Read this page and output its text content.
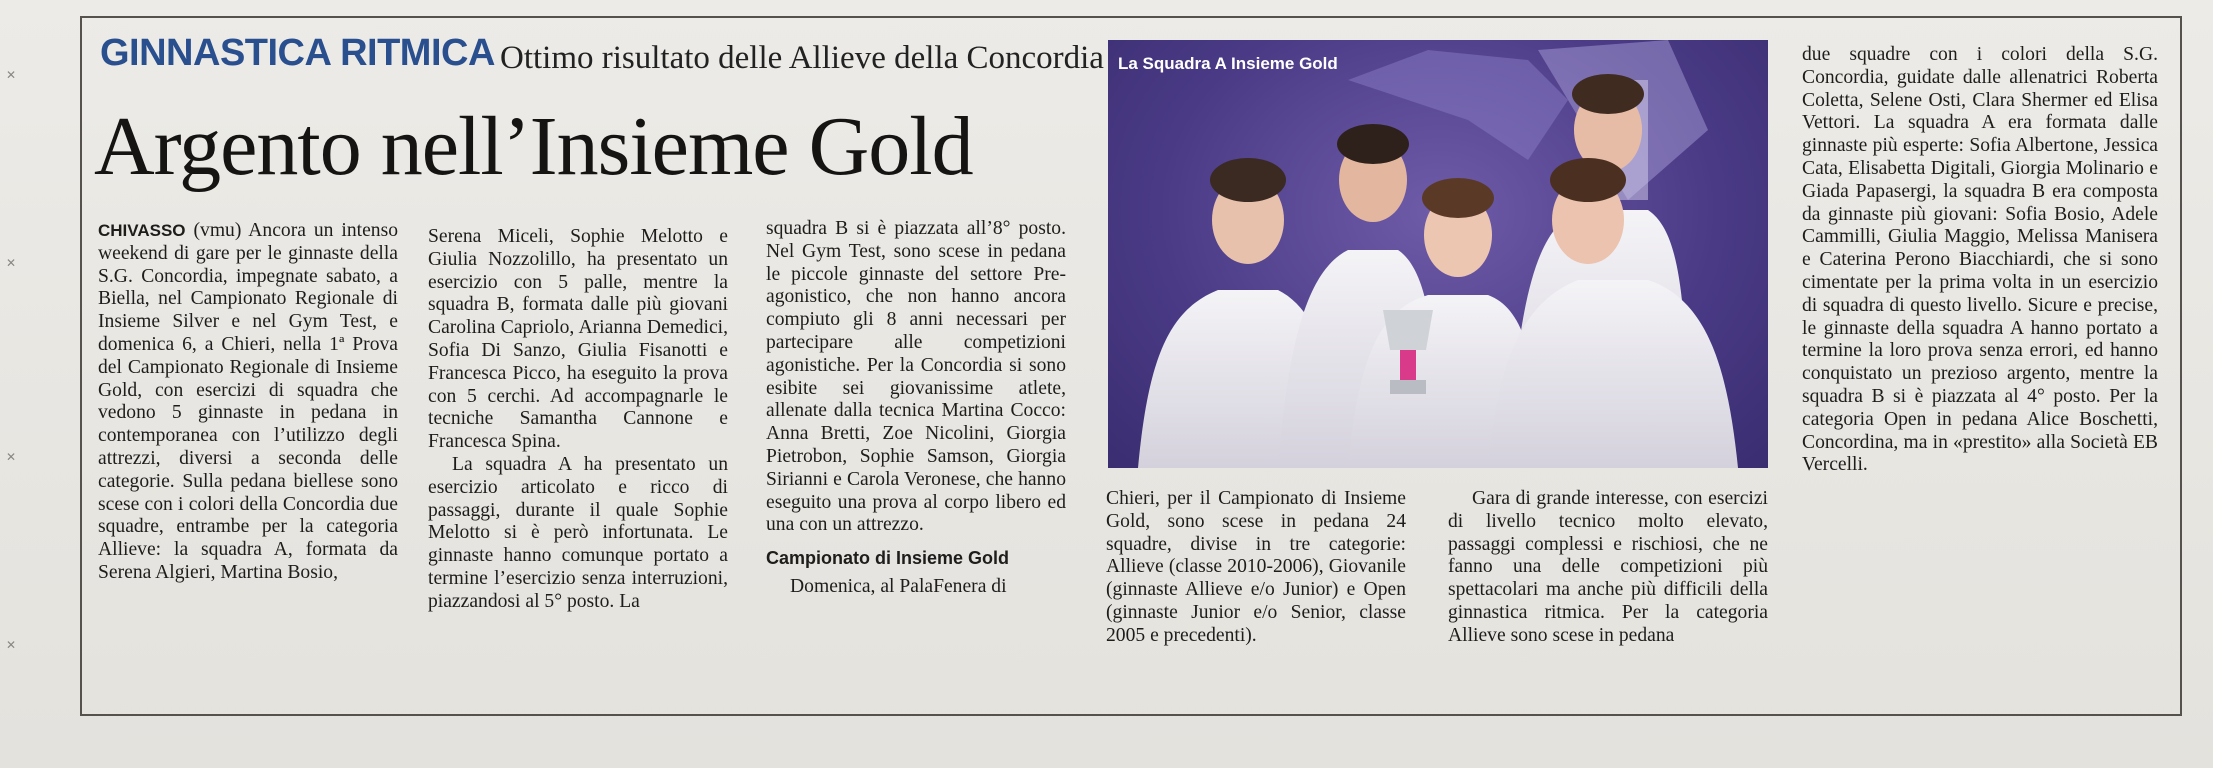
✕
✕
✕
✕
GINNASTICA RITMICA Ottimo risultato delle Allieve della Concordia
Argento nell’Insieme Gold

CHIVASSO (vmu) Ancora un intenso weekend di gare per le ginnaste della S.G. Concordia, impegnate sabato, a Biella, nel Campionato Regionale di Insieme Silver e nel Gym Test, e domenica 6, a Chieri, nella 1ª Prova del Campionato Regionale di Insieme Gold, con esercizi di squadra che vedono 5 ginnaste in pedana in contemporanea con l’utilizzo degli attrezzi, diversi a seconda delle categorie. Sulla pedana biellese sono scese con i colori della Concordia due squadre, entrambe per la categoria Allieve: la squadra A, formata da Serena Algieri, Martina Bosio,

Serena Miceli, Sophie Melotto e Giulia Nozzolillo, ha presentato un esercizio con 5 palle, mentre la squadra B, formata dalle più giovani Carolina Capriolo, Arianna Demedici, Sofia Di Sanzo, Giulia Fisanotti e Francesca Picco, ha eseguito la prova con 5 cerchi. Ad accompagnarle le tecniche Samantha Cannone e Francesca Spina.

La squadra A ha presentato un esercizio articolato e ricco di passaggi, durante il quale Sophie Melotto si è però infortunata. Le ginnaste hanno comunque portato a termine l’esercizio senza interruzioni, piazzandosi al 5° posto. La

squadra B si è piazzata all’8° posto. Nel Gym Test, sono scese in pedana le piccole ginnaste del settore Pre-agonistico, che non hanno ancora compiuto gli 8 anni necessari per partecipare alle competizioni agonistiche. Per la Concordia si sono esibite sei giovanissime atlete, allenate dalla tecnica Martina Cocco: Anna Bretti, Zoe Nicolini, Giorgia Pietrobon, Sophie Samson, Giorgia Sirianni e Carola Veronese, che hanno eseguito una prova al corpo libero ed una con un attrezzo.

Campionato di Insieme Gold

Domenica, al PalaFenera di

La Squadra A Insieme Gold

Chieri, per il Campionato di Insieme Gold, sono scese in pedana 24 squadre, divise in tre categorie: Allieve (classe 2010-2006), Giovanile (ginnaste Allieve e/o Junior) e Open (ginnaste Junior e/o Senior, classe 2005 e precedenti).

Gara di grande interesse, con esercizi di livello tecnico molto elevato, passaggi complessi e rischiosi, che ne fanno una delle competizioni più spettacolari ma anche più difficili della ginnastica ritmica. Per la categoria Allieve sono scese in pedana

due squadre con i colori della S.G. Concordia, guidate dalle allenatrici Roberta Coletta, Selene Osti, Clara Shermer ed Elisa Vettori. La squadra A era formata dalle ginnaste più esperte: Sofia Albertone, Jessica Cata, Elisabetta Digitali, Giorgia Molinario e Giada Papasergi, la squadra B era composta da ginnaste più giovani: Sofia Bosio, Adele Cammilli, Giulia Maggio, Melissa Manisera e Caterina Perono Biacchiardi, che si sono cimentate per la prima volta in un esercizio di squadra di questo livello. Sicure e precise, le ginnaste della squadra A hanno portato a termine la loro prova senza errori, ed hanno conquistato un prezioso argento, mentre la squadra B si è piazzata al 4° posto. Per la categoria Open in pedana Alice Boschetti, Concordina, ma in «prestito» alla Società EB Vercelli.
